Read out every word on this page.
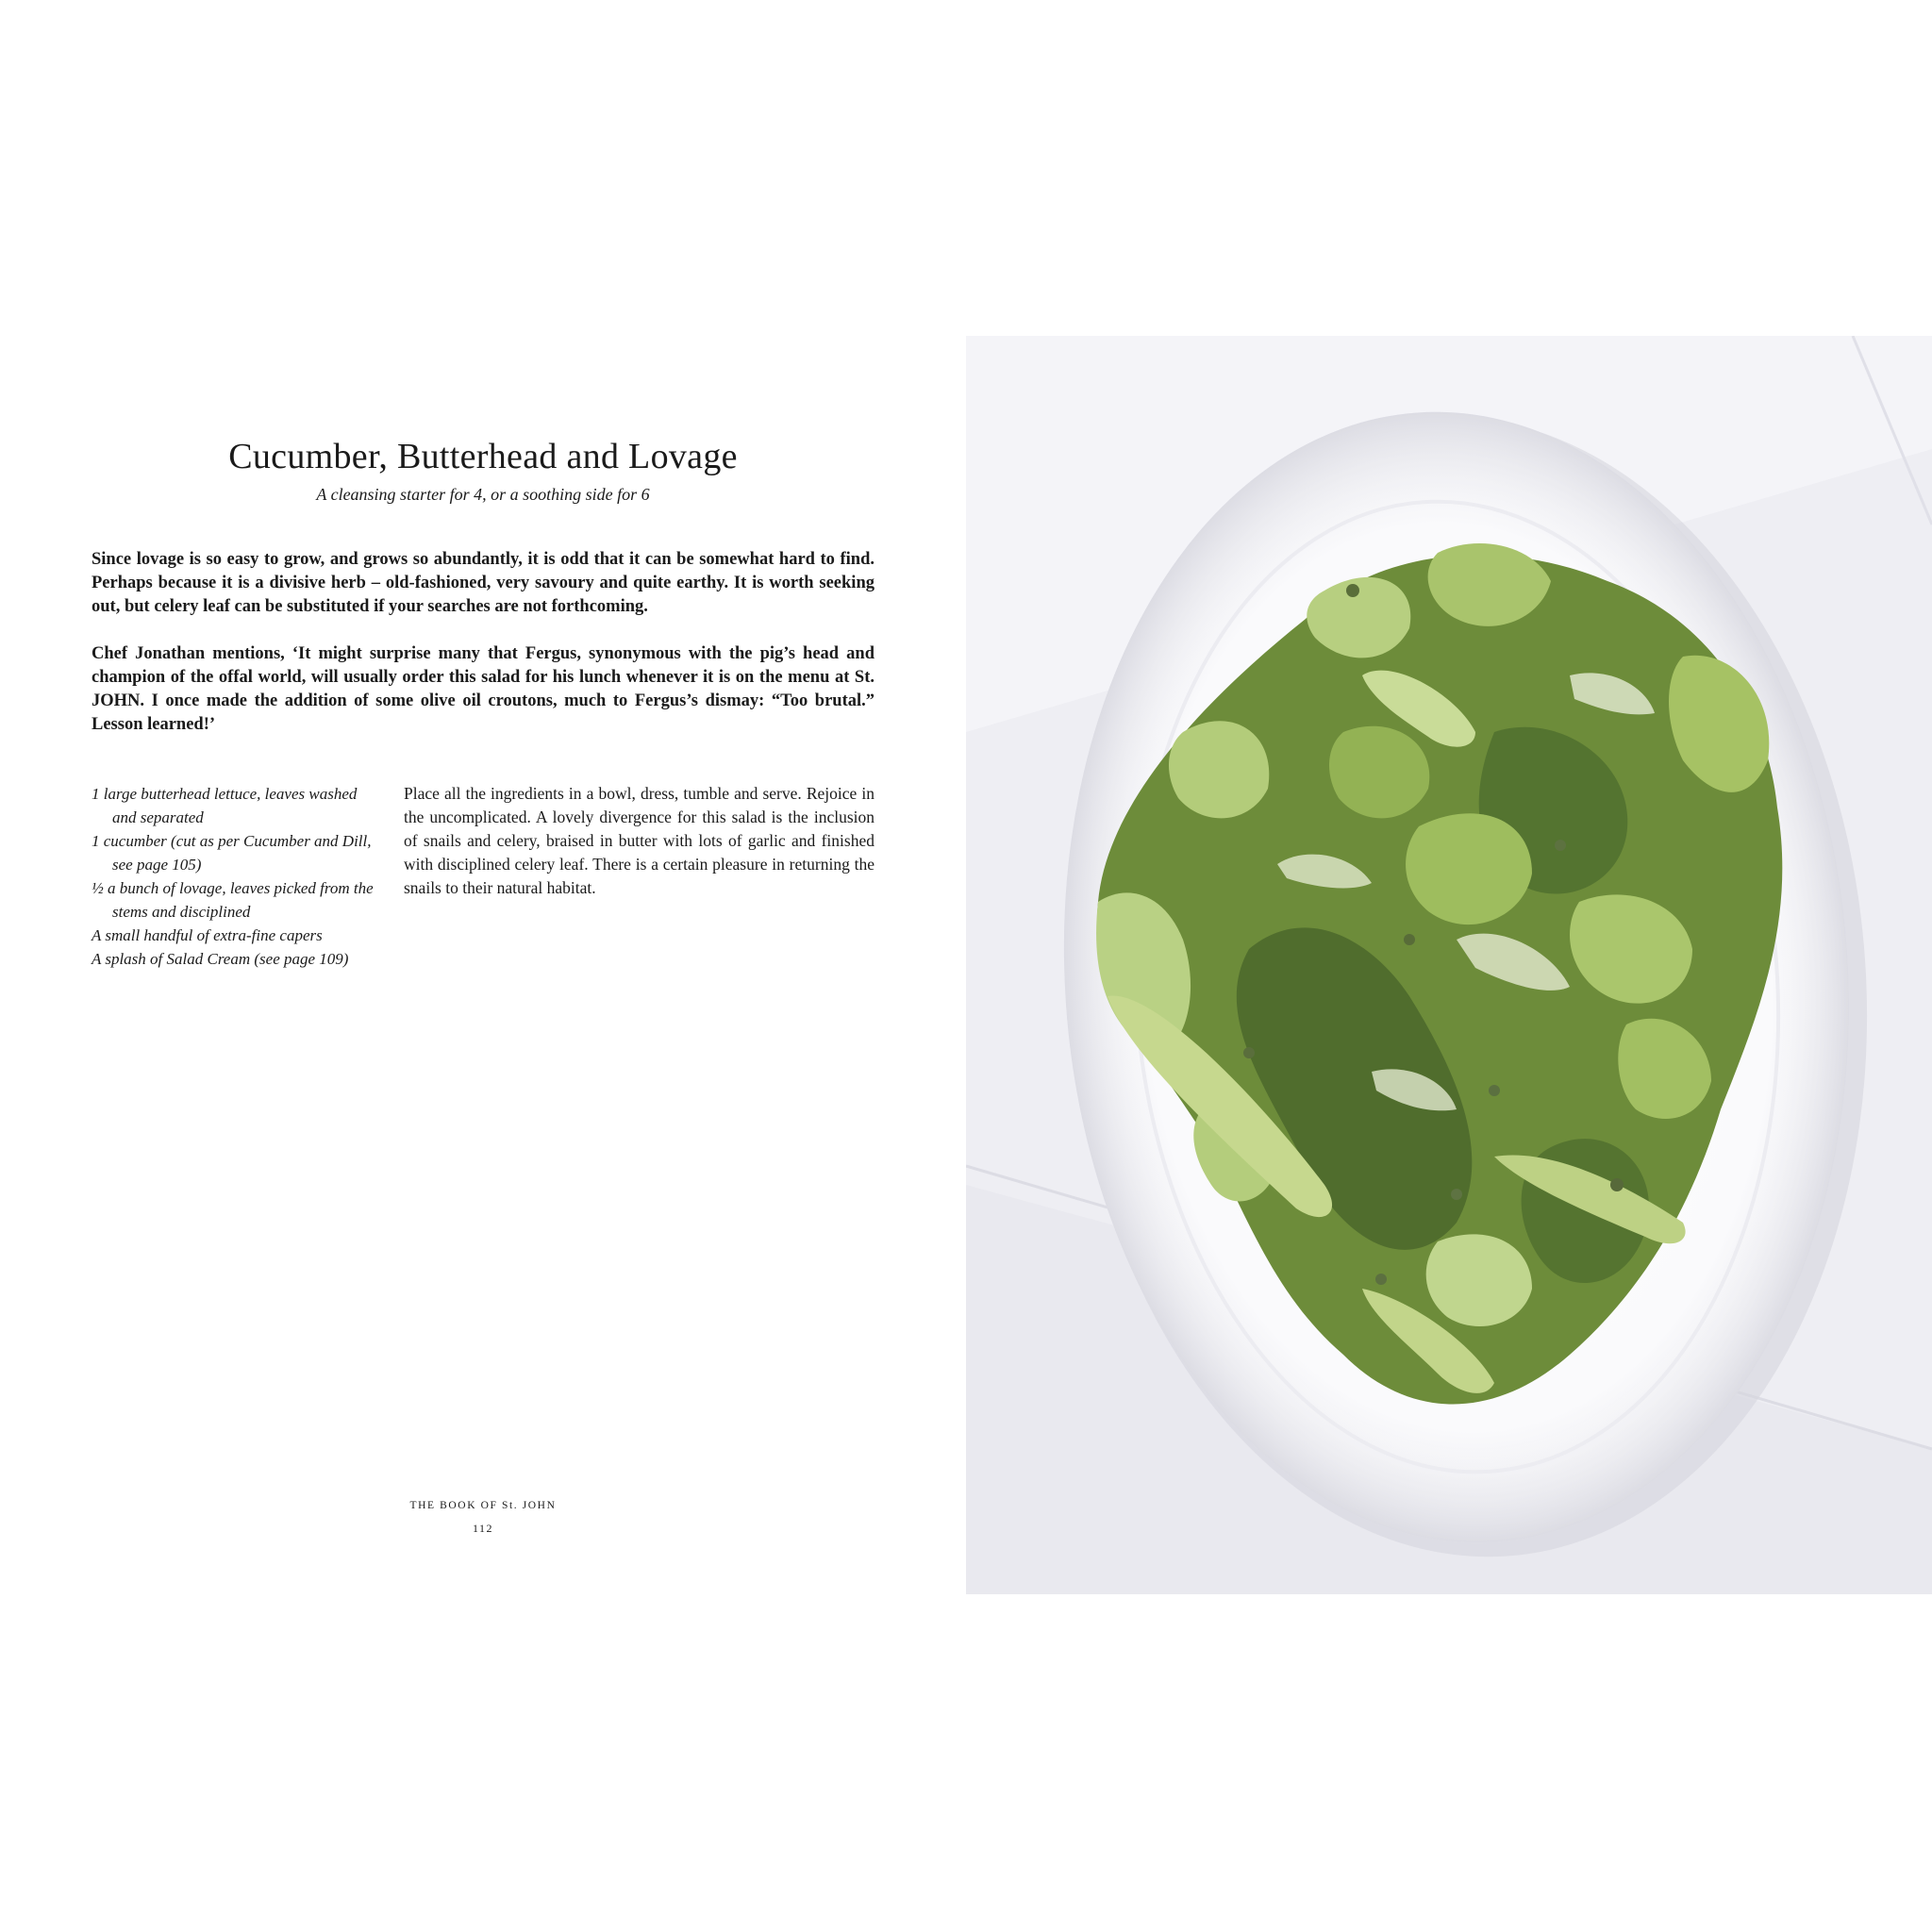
Cucumber, Butterhead and Lovage

A cleansing starter for 4, or a soothing side for 6

Since lovage is so easy to grow, and grows so abundantly, it is odd that it can be somewhat hard to find. Perhaps because it is a divisive herb – old-fashioned, very savoury and quite earthy. It is worth seeking out, but celery leaf can be substituted if your searches are not forthcoming.

Chef Jonathan mentions, ‘It might surprise many that Fergus, synonymous with the pig’s head and champion of the offal world, will usually order this salad for his lunch whenever it is on the menu at St. JOHN. I once made the addition of some olive oil croutons, much to Fergus’s dismay: “Too brutal.” Lesson learned!’

1 large butterhead lettuce, leaves washed and separated
1 cucumber (cut as per Cucumber and Dill, see page 105)
½ a bunch of lovage, leaves picked from the stems and disciplined
A small handful of extra-fine capers
A splash of Salad Cream (see page 109)

Place all the ingredients in a bowl, dress, tumble and serve. Rejoice in the uncomplicated. A lovely divergence for this salad is the inclusion of snails and celery, braised in butter with lots of garlic and finished with disciplined celery leaf. There is a certain pleasure in returning the snails to their natural habitat.

THE BOOK OF St. JOHN

112
